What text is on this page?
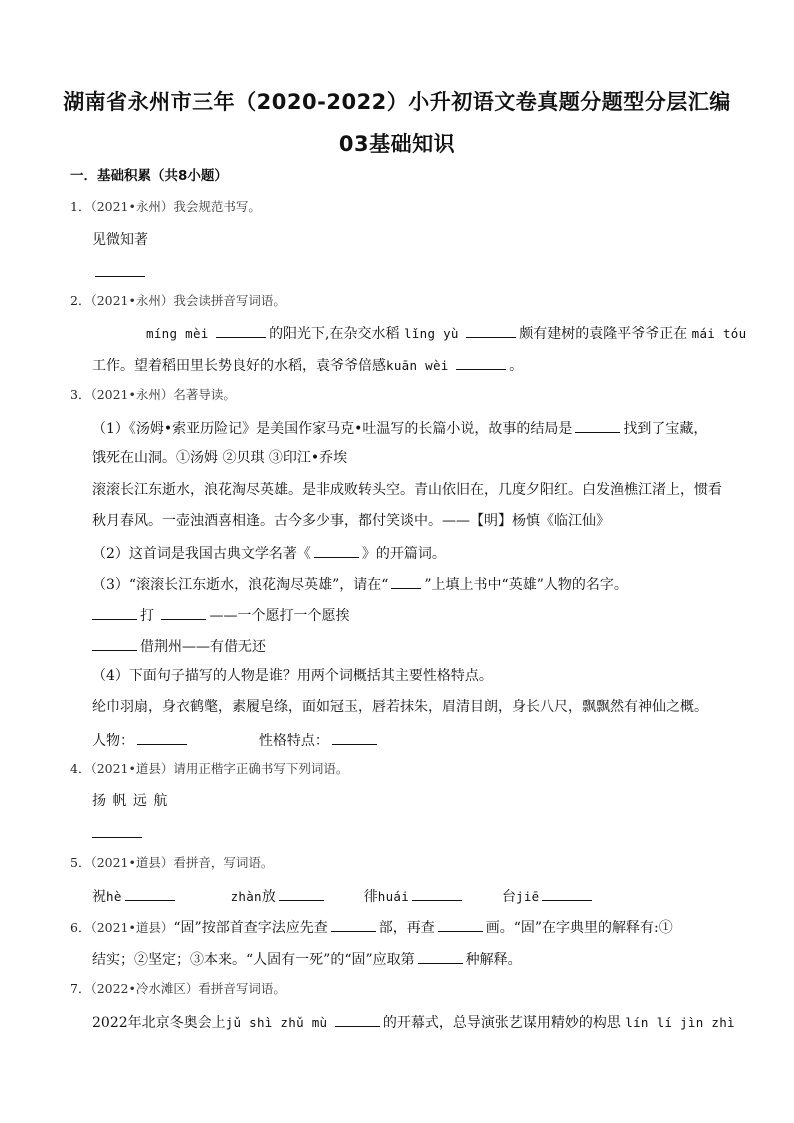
湖南省永州市三年（2020-2022）小升初语文卷真题分题型分层汇编
03基础知识
一．基础积累（共8小题）
1．（2021•永州）我会规范书写。
见微知著
2．（2021•永州）我会读拼音写词语。
míng mèi	的阳光下,在杂交水稻 lǐng yù	颇有建树的袁隆平爷爷正在 mái tóu
工作。望着稻田里长势良好的水稻，袁爷爷倍感kuān wèi	。
3．（2021•永州）名著导读。
（1）《汤姆•索亚历险记》是美国作家马克•吐温写的长篇小说，故事的结局是	找到了宝藏，
饿死在山洞。①汤姆 ②贝琪 ③印江•乔埃
滚滚长江东逝水，浪花淘尽英雄。是非成败转头空。青山依旧在，几度夕阳红。白发渔樵江渚上，惯看
秋月春风。一壶浊酒喜相逢。古今多少事，都付笑谈中。——【明】杨慎《临江仙》
（2）这首词是我国古典文学名著《	》的开篇词。
（3）“滚滚长江东逝水，浪花淘尽英雄”，请在“	”上填上书中“英雄”人物的名字。
打	——一个愿打一个愿挨
借荆州——有借无还
（4）下面句子描写的人物是谁？用两个词概括其主要性格特点。
纶巾羽扇，身衣鹤氅，素履皂绦，面如冠玉，唇若抹朱，眉清目朗，身长八尺，飘飘然有神仙之概。
人物：	性格特点：
4．（2021•道县）请用正楷字正确书写下列词语。
扬 帆 远 航
5．（2021•道县）看拼音，写词语。
祝hè	zhàn放	徘huái	台jiē
6．（2021•道县）“固”按部首查字法应先查	部，再查	画。“固”在字典里的解释有:①
结实；②坚定；③本来。“人固有一死”的“固”应取第	种解释。
7．（2022•冷水滩区）看拼音写词语。
2022年北京冬奥会上jǔ shì zhǔ mù	的开幕式，总导演张艺谋用精妙的构思 lín lí jìn zhì
